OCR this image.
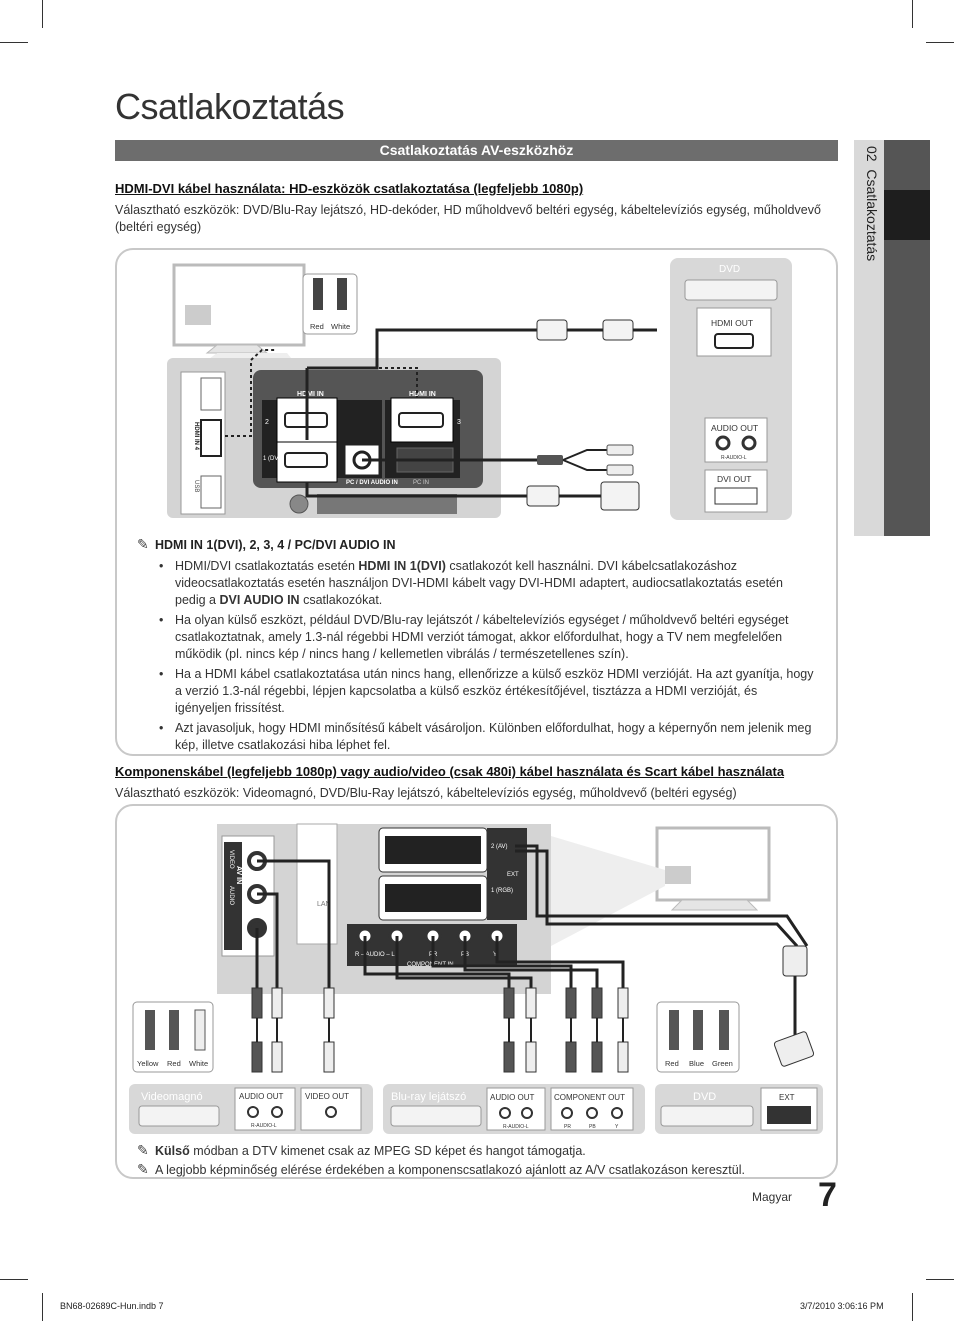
Csatlakoztatás
Csatlakoztatás AV-eszközhöz	02  Csatlakoztatás
HDMI-DVI kábel használata: HD-eszközök csatlakoztatása (legfeljebb 1080p)
Választható eszközök: DVD/Blu-Ray lejátszó, HD-dekóder, HD műholdvevő beltéri egység, kábeltelevíziós egység, műholdvevő (beltéri egység)
HDMI IN	HDMI IN
2	3
1 (DVI)
PC / DVI AUDIO IN	PC IN
HDMI IN 4
USB
Red White
DVD
HDMI OUT
AUDIO OUT
R-AUDIO-L
DVI OUT
✎ HDMI IN 1(DVI), 2, 3, 4 / PC/DVI AUDIO IN
• HDMI/DVI csatlakoztatás esetén HDMI IN 1(DVI) csatlakozót kell használni. DVI kábelcsatlakozáshoz videocsatlakoztatás esetén használjon DVI-HDMI kábelt vagy DVI-HDMI adaptert, audiocsatlakoztatás esetén pedig a DVI AUDIO IN csatlakozókat.
• Ha olyan külső eszközt, például DVD/Blu-ray lejátszót / kábeltelevíziós egységet / műholdvevő beltéri egységet csatlakoztatnak, amely 1.3-nál régebbi HDMI verziót támogat, akkor előfordulhat, hogy a TV nem megfelelően működik (pl. nincs kép / nincs hang / kellemetlen vibrálás / természetellenes szín).
• Ha a HDMI kábel csatlakoztatása után nincs hang, ellenőrizze a külső eszköz HDMI verzióját. Ha azt gyanítja, hogy a verzió 1.3-nál régebbi, lépjen kapcsolatba a külső eszköz értékesítőjével, tisztázza a HDMI verzióját, és igényeljen frissítést.
• Azt javasoljuk, hogy HDMI minősítésű kábelt vásároljon. Különben előfordulhat, hogy a képernyőn nem jelenik meg kép, illetve csatlakozási hiba léphet fel.
Komponenskábel (legfeljebb 1080p) vagy audio/video (csak 480i) kábel használata és Scart kábel használata
Választható eszközök: Videomagnó, DVD/Blu-Ray lejátszó, kábeltelevíziós egység, műholdvevő (beltéri egység)
VIDEO
AUDIO
AV IN
LAN
2 (AV)
EXT
1 (RGB)
R – AUDIO – L	PR	PB	Y
COMPONENT IN
Yellow Red White	Red Blue Green
Videomagnó	AUDIO OUT
R-AUDIO-L
VIDEO OUT	Blu-ray lejátszó	AUDIO OUT
R-AUDIO-L
COMPONENT OUT
PR	PB	Y
DVD	EXT
✎ Külső módban a DTV kimenet csak az MPEG SD képet és hangot támogatja.
✎ A legjobb képminőség elérése érdekében a komponenscsatlakozó ajánlott az A/V csatlakozáson keresztül.
Magyar 7
BN68-02689C-Hun.indb 7	3/7/2010 3:06:16 PM
